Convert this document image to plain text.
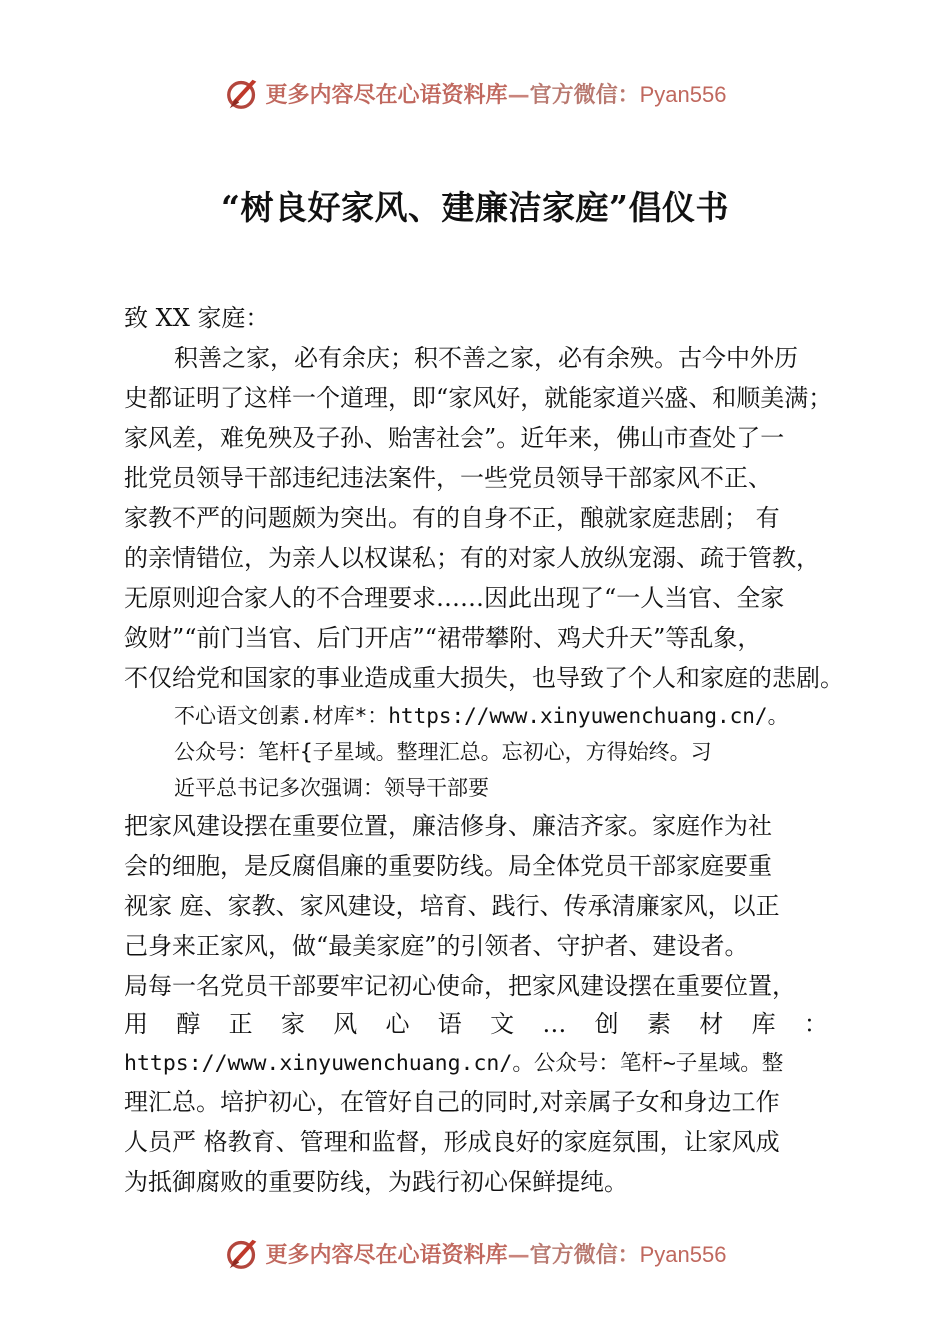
更多内容尽在心语资料库—官方微信：Pyan556
“树良好家风、建廉洁家庭”倡仪书

致 XX 家庭：

积善之家，必有余庆；积不善之家，必有余殃。古今中外历

史都证明了这样一个道理，即“家风好，就能家道兴盛、和顺美满；

家风差，难免殃及子孙、贻害社会”。近年来，佛山市查处了一

批党员领导干部违纪违法案件，一些党员领导干部家风不正、

家教不严的问题颇为突出。有的自身不正，酿就家庭悲剧； 有

的亲情错位，为亲人以权谋私；有的对家人放纵宠溺、疏于管教，

无原则迎合家人的不合理要求……因此出现了“一人当官、全家

敛财”“前门当官、后门开店”“裙带攀附、鸡犬升天”等乱象，

不仅给党和国家的事业造成重大损失，也导致了个人和家庭的悲剧。

不心语文创素.材库*：https://www.xinyuwenchuang.cn/。

公众号：笔杆{子星域。整理汇总。忘初心，方得始终。习

近平总书记多次强调：领导干部要

把家风建设摆在重要位置，廉洁修身、廉洁齐家。家庭作为社

会的细胞，是反腐倡廉的重要防线。局全体党员干部家庭要重

视家 庭、家教、家风建设，培育、践行、传承清廉家风，以正

己身来正家风，做“最美家庭”的引领者、守护者、建设者。

局每一名党员干部要牢记初心使命，把家风建设摆在重要位置，

用 醇 正 家 风 心 语 文 … 创 素 材 库 ：

https://www.xinyuwenchuang.cn/。公众号：笔杆~子星域。整

理汇总。培护初心，在管好自己的同时,对亲属子女和身边工作

人员严 格教育、管理和监督，形成良好的家庭氛围，让家风成

为抵御腐败的重要防线，为践行初心保鲜提纯。

更多内容尽在心语资料库—官方微信：Pyan556
